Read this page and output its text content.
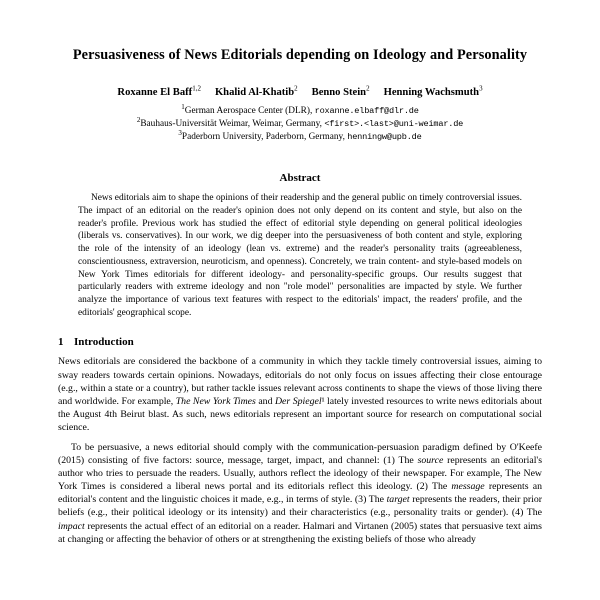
Persuasiveness of News Editorials depending on Ideology and Personality
Roxanne El Baff$^{1,2}$ Khalid Al-Khatib$^2$ Benno Stein$^2$ Henning Wachsmuth$^3$
$^1$German Aerospace Center (DLR), roxanne.elbaff@dlr.de
$^2$Bauhaus-Universität Weimar, Weimar, Germany, <first>.<last>@uni-weimar.de
$^3$Paderborn University, Paderborn, Germany, henningw@upb.de
Abstract
News editorials aim to shape the opinions of their readership and the general public on timely controversial issues. The impact of an editorial on the reader's opinion does not only depend on its content and style, but also on the reader's profile. Previous work has studied the effect of editorial style depending on general political ideologies (liberals vs. conservatives). In our work, we dig deeper into the persuasiveness of both content and style, exploring the role of the intensity of an ideology (lean vs. extreme) and the reader's personality traits (agreeableness, conscientiousness, extraversion, neuroticism, and openness). Concretely, we train content- and style-based models on New York Times editorials for different ideology- and personality-specific groups. Our results suggest that particularly readers with extreme ideology and non "role model" personalities are impacted by style. We further analyze the importance of various text features with respect to the editorials' impact, the readers' profile, and the editorials' geographical scope.
1 Introduction

News editorials are considered the backbone of a community in which they tackle timely controversial issues, aiming to sway readers towards certain opinions. Nowadays, editorials do not only focus on issues affecting their close entourage (e.g., within a state or a country), but rather tackle issues relevant across continents to shape the views of those living there and worldwide. For example, The New York Times and Der Spiegel¹ lately invested resources to write news editorials about the August 4th Beirut blast. As such, news editorials represent an important source for research on computational social science.

To be persuasive, a news editorial should comply with the communication-persuasion paradigm defined by O'Keefe (2015) consisting of five factors: source, message, target, impact, and channel: (1) The source represents an editorial's author who tries to persuade the readers. Usually, authors reflect the ideology of their newspaper. For example, The New York Times is considered a liberal news portal and its editorials reflect this ideology. (2) The message represents an editorial's content and the linguistic choices it made, e.g., in terms of style. (3) The target represents the readers, their prior beliefs (e.g., their political ideology or its intensity) and their characteristics (e.g., personality traits or gender). (4) The impact represents the actual effect of an editorial on a reader. Halmari and Virtanen (2005) states that persuasive text aims at changing or affecting the behavior of others or at strengthening the existing beliefs of those who already
